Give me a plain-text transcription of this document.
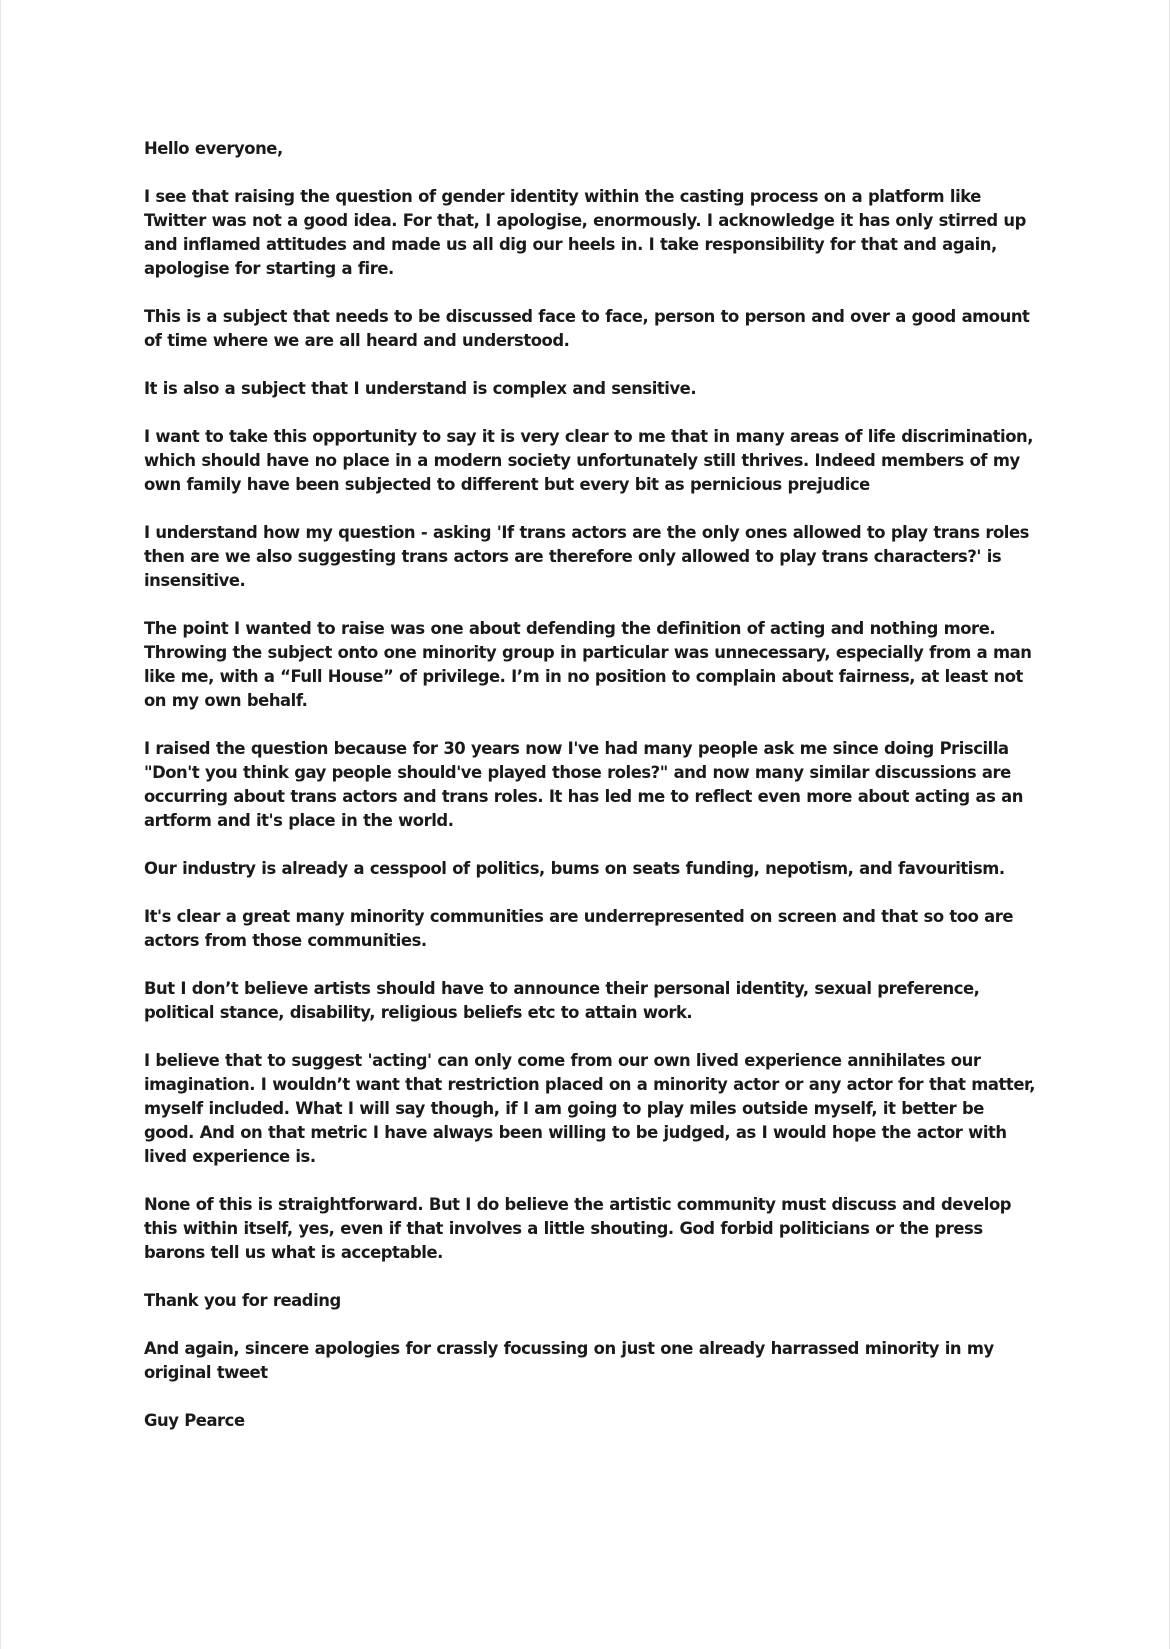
Hello everyone,

I see that raising the question of gender identity within the casting process on a platform like Twitter was not a good idea. For that, I apologise, enormously. I acknowledge it has only stirred up and inflamed attitudes and made us all dig our heels in. I take responsibility for that and again, apologise for starting a fire.

This is a subject that needs to be discussed face to face, person to person and over a good amount of time where we are all heard and understood.

It is also a subject that I understand is complex and sensitive.

I want to take this opportunity to say it is very clear to me that in many areas of life discrimination, which should have no place in a modern society unfortunately still thrives. Indeed members of my own family have been subjected to different but every bit as pernicious prejudice

I understand how my question - asking 'If trans actors are the only ones allowed to play trans roles then are we also suggesting trans actors are therefore only allowed to play trans characters?' is insensitive.

The point I wanted to raise was one about defending the definition of acting and nothing more. Throwing the subject onto one minority group in particular was unnecessary, especially from a man like me, with a “Full House” of privilege. I’m in no position to complain about fairness, at least not on my own behalf.

I raised the question because for 30 years now I've had many people ask me since doing Priscilla "Don't you think gay people should've played those roles?" and now many similar discussions are occurring about trans actors and trans roles. It has led me to reflect even more about acting as an artform and it's place in the world.

Our industry is already a cesspool of politics, bums on seats funding, nepotism, and favouritism.

It's clear a great many minority communities are underrepresented on screen and that so too are actors from those communities.

But I don’t believe artists should have to announce their personal identity, sexual preference, political stance, disability, religious beliefs etc to attain work.

I believe that to suggest 'acting' can only come from our own lived experience annihilates our imagination. I wouldn’t want that restriction placed on a minority actor or any actor for that matter, myself included. What I will say though, if I am going to play miles outside myself, it better be good. And on that metric I have always been willing to be judged, as I would hope the actor with lived experience is.

None of this is straightforward. But I do believe the artistic community must discuss and develop this within itself, yes, even if that involves a little shouting. God forbid politicians or the press barons tell us what is acceptable.

Thank you for reading

And again, sincere apologies for crassly focussing on just one already harrassed minority in my original tweet

Guy Pearce
